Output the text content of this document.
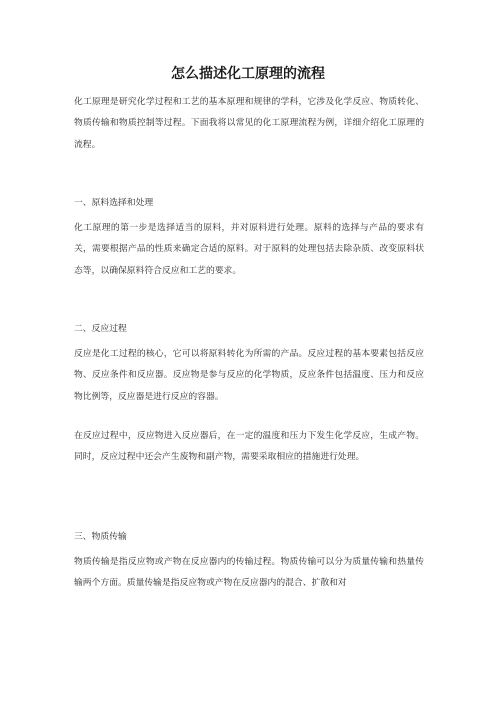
怎么描述化工原理的流程
化工原理是研究化学过程和工艺的基本原理和规律的学科，它涉及化学反应、物质转化、物质传输和物质控制等过程。下面我将以常见的化工原理流程为例，详细介绍化工原理的流程。
一、原料选择和处理
化工原理的第一步是选择适当的原料，并对原料进行处理。原料的选择与产品的要求有关，需要根据产品的性质来确定合适的原料。对于原料的处理包括去除杂质、改变原料状态等，以确保原料符合反应和工艺的要求。
二、反应过程
反应是化工过程的核心，它可以将原料转化为所需的产品。反应过程的基本要素包括反应物、反应条件和反应器。反应物是参与反应的化学物质，反应条件包括温度、压力和反应物比例等，反应器是进行反应的容器。
在反应过程中，反应物进入反应器后，在一定的温度和压力下发生化学反应，生成产物。同时，反应过程中还会产生废物和副产物，需要采取相应的措施进行处理。
三、物质传输
物质传输是指反应物或产物在反应器内的传输过程。物质传输可以分为质量传输和热量传输两个方面。质量传输是指反应物或产物在反应器内的混合、扩散和对
